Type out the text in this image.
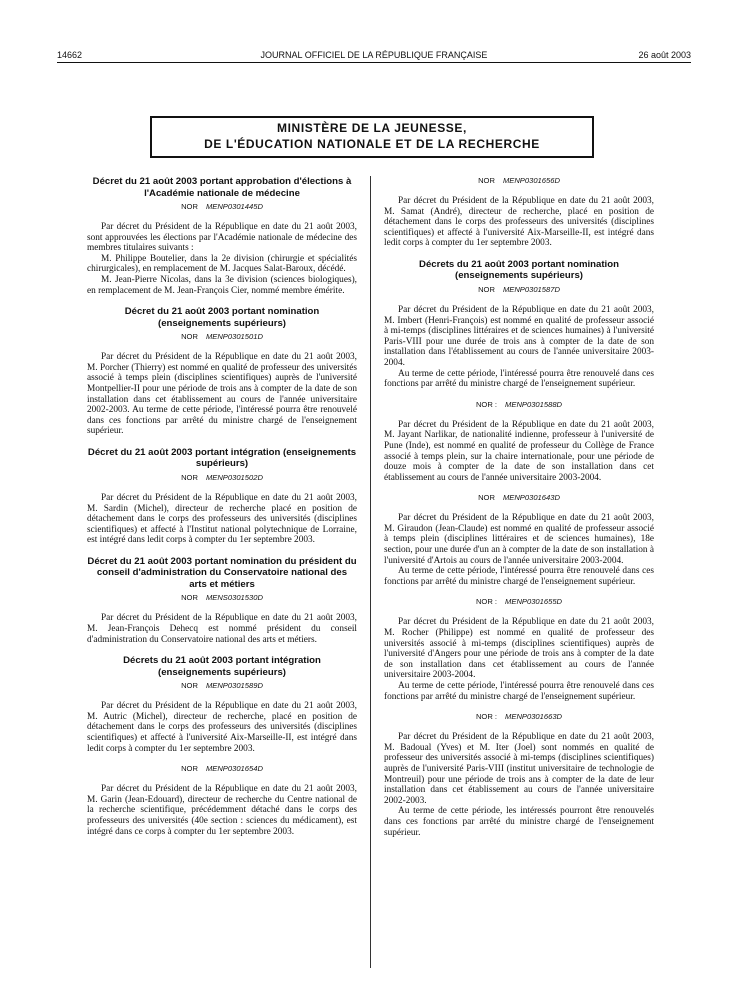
14662	JOURNAL OFFICIEL DE LA RÉPUBLIQUE FRANÇAISE	26 août 2003
MINISTÈRE DE LA JEUNESSE,
DE L'ÉDUCATION NATIONALE ET DE LA RECHERCHE
Décret du 21 août 2003 portant approbation d'élections à l'Académie nationale de médecine
NOR MENP0301445D

Par décret du Président de la République en date du 21 août 2003, sont approuvées les élections par l'Académie nationale de médecine des membres titulaires suivants :

M. Philippe Boutelier, dans la 2e division (chirurgie et spécialités chirurgicales), en remplacement de M. Jacques Salat-Baroux, décédé.

M. Jean-Pierre Nicolas, dans la 3e division (sciences biologiques), en remplacement de M. Jean-François Cier, nommé membre émérite.

Décret du 21 août 2003 portant nomination (enseignements supérieurs)
NOR MENP0301501D

Par décret du Président de la République en date du 21 août 2003, M. Porcher (Thierry) est nommé en qualité de professeur des universités associé à temps plein (disciplines scientifiques) auprès de l'université Montpellier-II pour une période de trois ans à compter de la date de son installation dans cet établissement au cours de l'année universitaire 2002-2003. Au terme de cette période, l'intéressé pourra être renouvelé dans ces fonctions par arrêté du ministre chargé de l'enseignement supérieur.

Décret du 21 août 2003 portant intégration (enseignements supérieurs)
NOR MENP0301502D

Par décret du Président de la République en date du 21 août 2003, M. Sardin (Michel), directeur de recherche placé en position de détachement dans le corps des professeurs des universités (disciplines scientifiques) et affecté à l'Institut national polytechnique de Lorraine, est intégré dans ledit corps à compter du 1er septembre 2003.

Décret du 21 août 2003 portant nomination du président du conseil d'administration du Conservatoire national des arts et métiers
NOR MENS0301530D

Par décret du Président de la République en date du 21 août 2003, M. Jean-François Dehecq est nommé président du conseil d'administration du Conservatoire national des arts et métiers.

Décrets du 21 août 2003 portant intégration (enseignements supérieurs)
NOR MENP0301589D

Par décret du Président de la République en date du 21 août 2003, M. Autric (Michel), directeur de recherche, placé en position de détachement dans le corps des professeurs des universités (disciplines scientifiques) et affecté à l'université Aix-Marseille-II, est intégré dans ledit corps à compter du 1er septembre 2003.

NOR MENP0301654D

Par décret du Président de la République en date du 21 août 2003, M. Garin (Jean-Edouard), directeur de recherche du Centre national de la recherche scientifique, précédemment détaché dans le corps des professeurs des universités (40e section : sciences du médicament), est intégré dans ce corps à compter du 1er septembre 2003.

NOR MENP0301656D

Par décret du Président de la République en date du 21 août 2003, M. Samat (André), directeur de recherche, placé en position de détachement dans le corps des professeurs des universités (disciplines scientifiques) et affecté à l'université Aix-Marseille-II, est intégré dans ledit corps à compter du 1er septembre 2003.

Décrets du 21 août 2003 portant nomination (enseignements supérieurs)
NOR MENP0301587D

Par décret du Président de la République en date du 21 août 2003, M. Imbert (Henri-François) est nommé en qualité de professeur associé à mi-temps (disciplines littéraires et de sciences humaines) à l'université Paris-VIII pour une durée de trois ans à compter de la date de son installation dans l'établissement au cours de l'année universitaire 2003-2004.

Au terme de cette période, l'intéressé pourra être renouvelé dans ces fonctions par arrêté du ministre chargé de l'enseignement supérieur.

NOR : MENP0301588D

Par décret du Président de la République en date du 21 août 2003, M. Jayant Narlikar, de nationalité indienne, professeur à l'université de Pune (Inde), est nommé en qualité de professeur du Collège de France associé à temps plein, sur la chaire internationale, pour une période de douze mois à compter de la date de son installation dans cet établissement au cours de l'année universitaire 2003-2004.

NOR MENP0301643D

Par décret du Président de la République en date du 21 août 2003, M. Giraudon (Jean-Claude) est nommé en qualité de professeur associé à temps plein (disciplines littéraires et de sciences humaines), 18e section, pour une durée d'un an à compter de la date de son installation à l'université d'Artois au cours de l'année universitaire 2003-2004.

Au terme de cette période, l'intéressé pourra être renouvelé dans ces fonctions par arrêté du ministre chargé de l'enseignement supérieur.

NOR : MENP0301655D

Par décret du Président de la République en date du 21 août 2003, M. Rocher (Philippe) est nommé en qualité de professeur des universités associé à mi-temps (disciplines scientifiques) auprès de l'université d'Angers pour une période de trois ans à compter de la date de son installation dans cet établissement au cours de l'année universitaire 2003-2004.

Au terme de cette période, l'intéressé pourra être renouvelé dans ces fonctions par arrêté du ministre chargé de l'enseignement supérieur.

NOR : MENP0301663D

Par décret du Président de la République en date du 21 août 2003, M. Badoual (Yves) et M. Iter (Joel) sont nommés en qualité de professeur des universités associé à mi-temps (disciplines scientifiques) auprès de l'université Paris-VIII (institut universitaire de technologie de Montreuil) pour une période de trois ans à compter de la date de leur installation dans cet établissement au cours de l'année universitaire 2002-2003.

Au terme de cette période, les intéressés pourront être renouvelés dans ces fonctions par arrêté du ministre chargé de l'enseignement supérieur.
